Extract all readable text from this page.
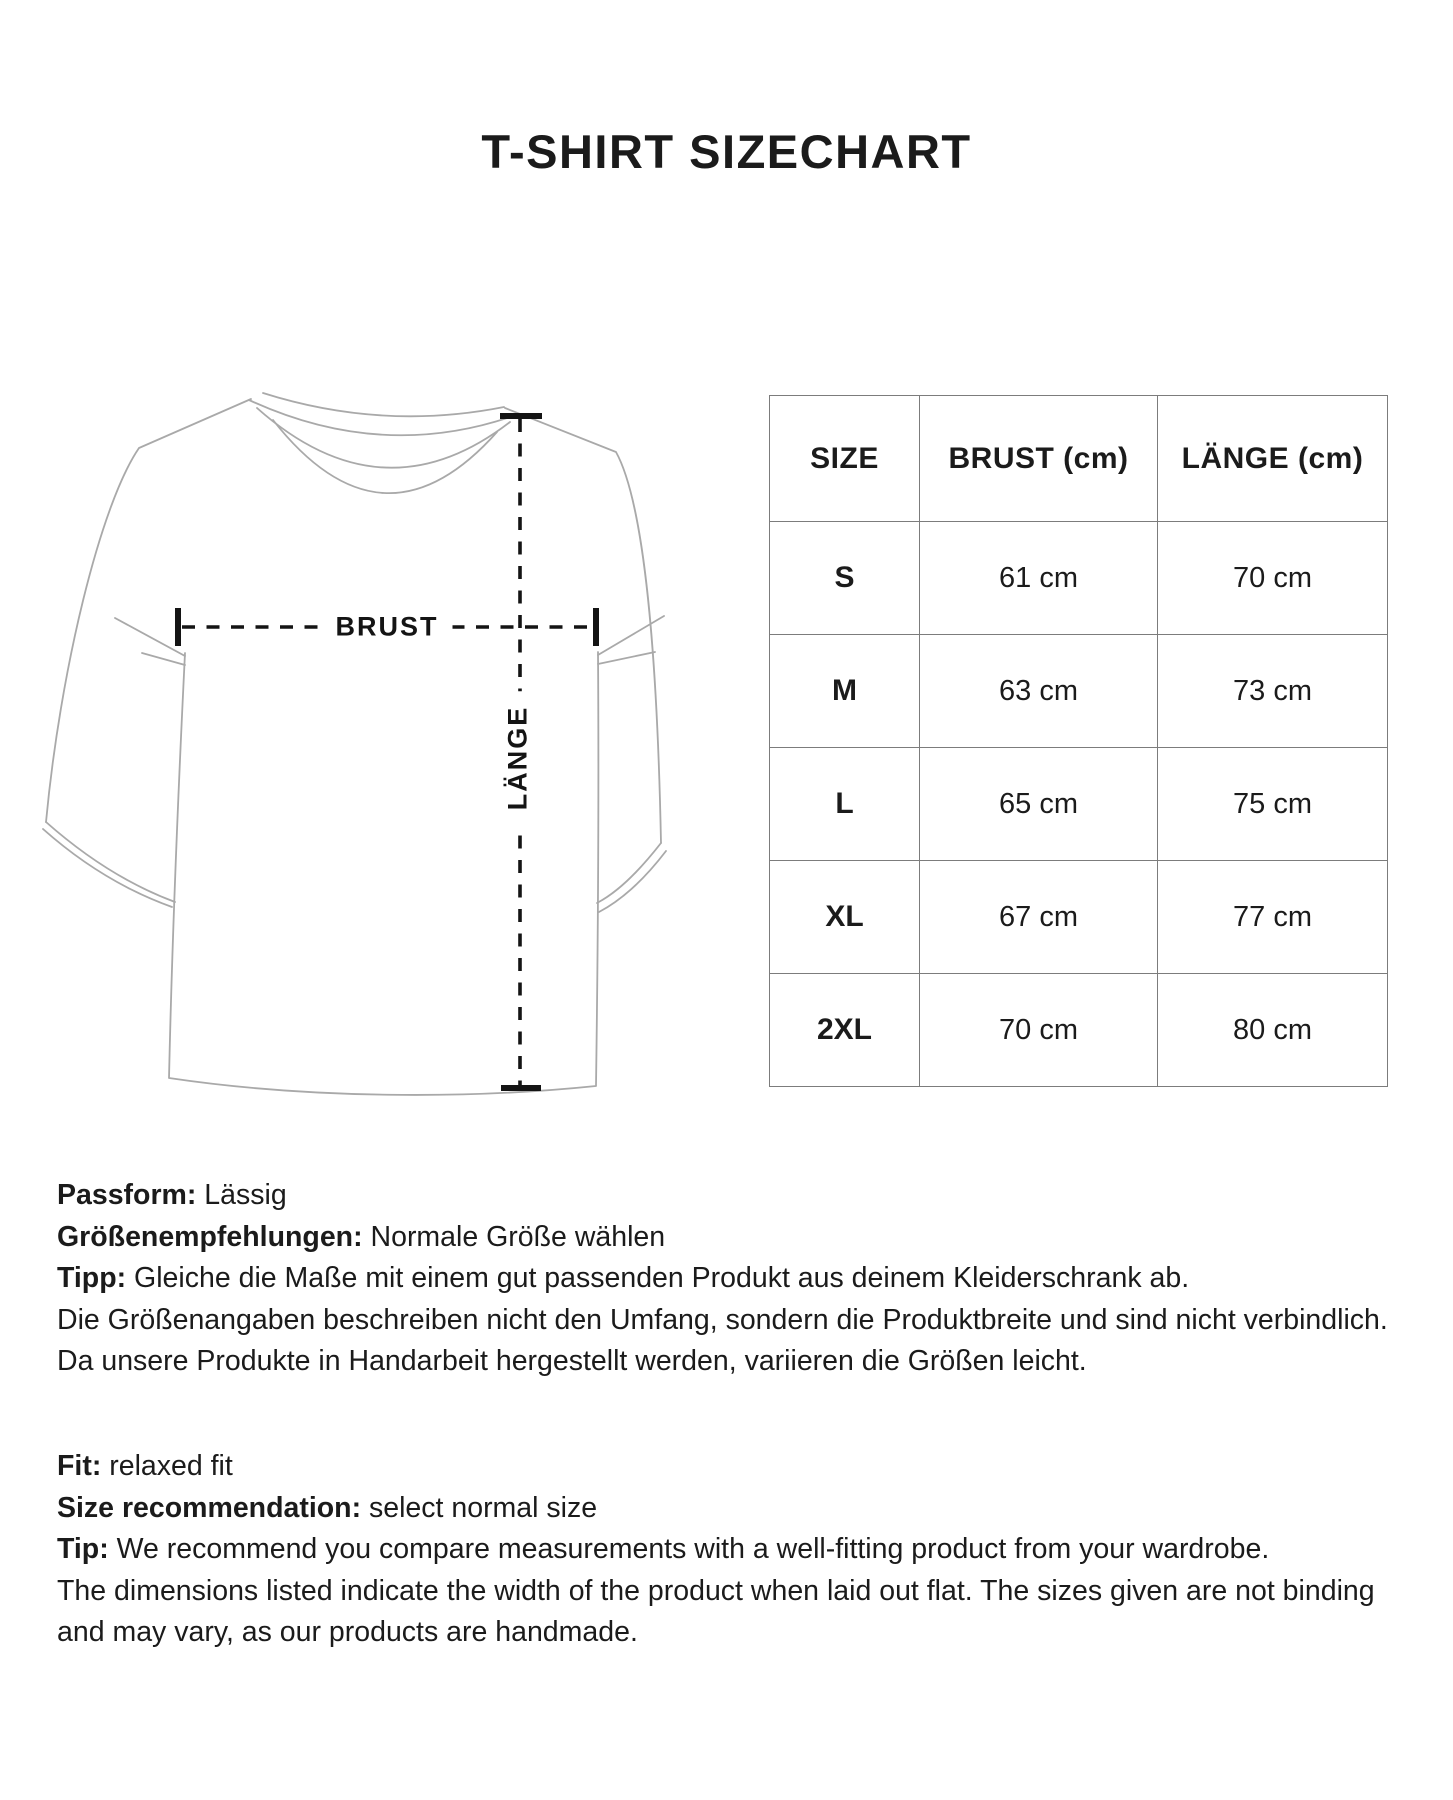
T-SHIRT SIZECHART
BRUST
LÄNGE
SIZE	BRUST (cm)	LÄNGE (cm)
S	61 cm	70 cm
M	63 cm	73 cm
L	65 cm	75 cm
XL	67 cm	77 cm
2XL	70 cm	80 cm
Passform: Lässig
Größenempfehlungen: Normale Größe wählen
Tipp: Gleiche die Maße mit einem gut passenden Produkt aus deinem Kleiderschrank ab.
Die Größenangaben beschreiben nicht den Umfang, sondern die Produktbreite und sind nicht verbindlich.
Da unsere Produkte in Handarbeit hergestellt werden, variieren die Größen leicht.
Fit: relaxed fit
Size recommendation: select normal size
Tip: We recommend you compare measurements with a well-fitting product from your wardrobe.
The dimensions listed indicate the width of the product when laid out flat. The sizes given are not binding
and may vary, as our products are handmade.
